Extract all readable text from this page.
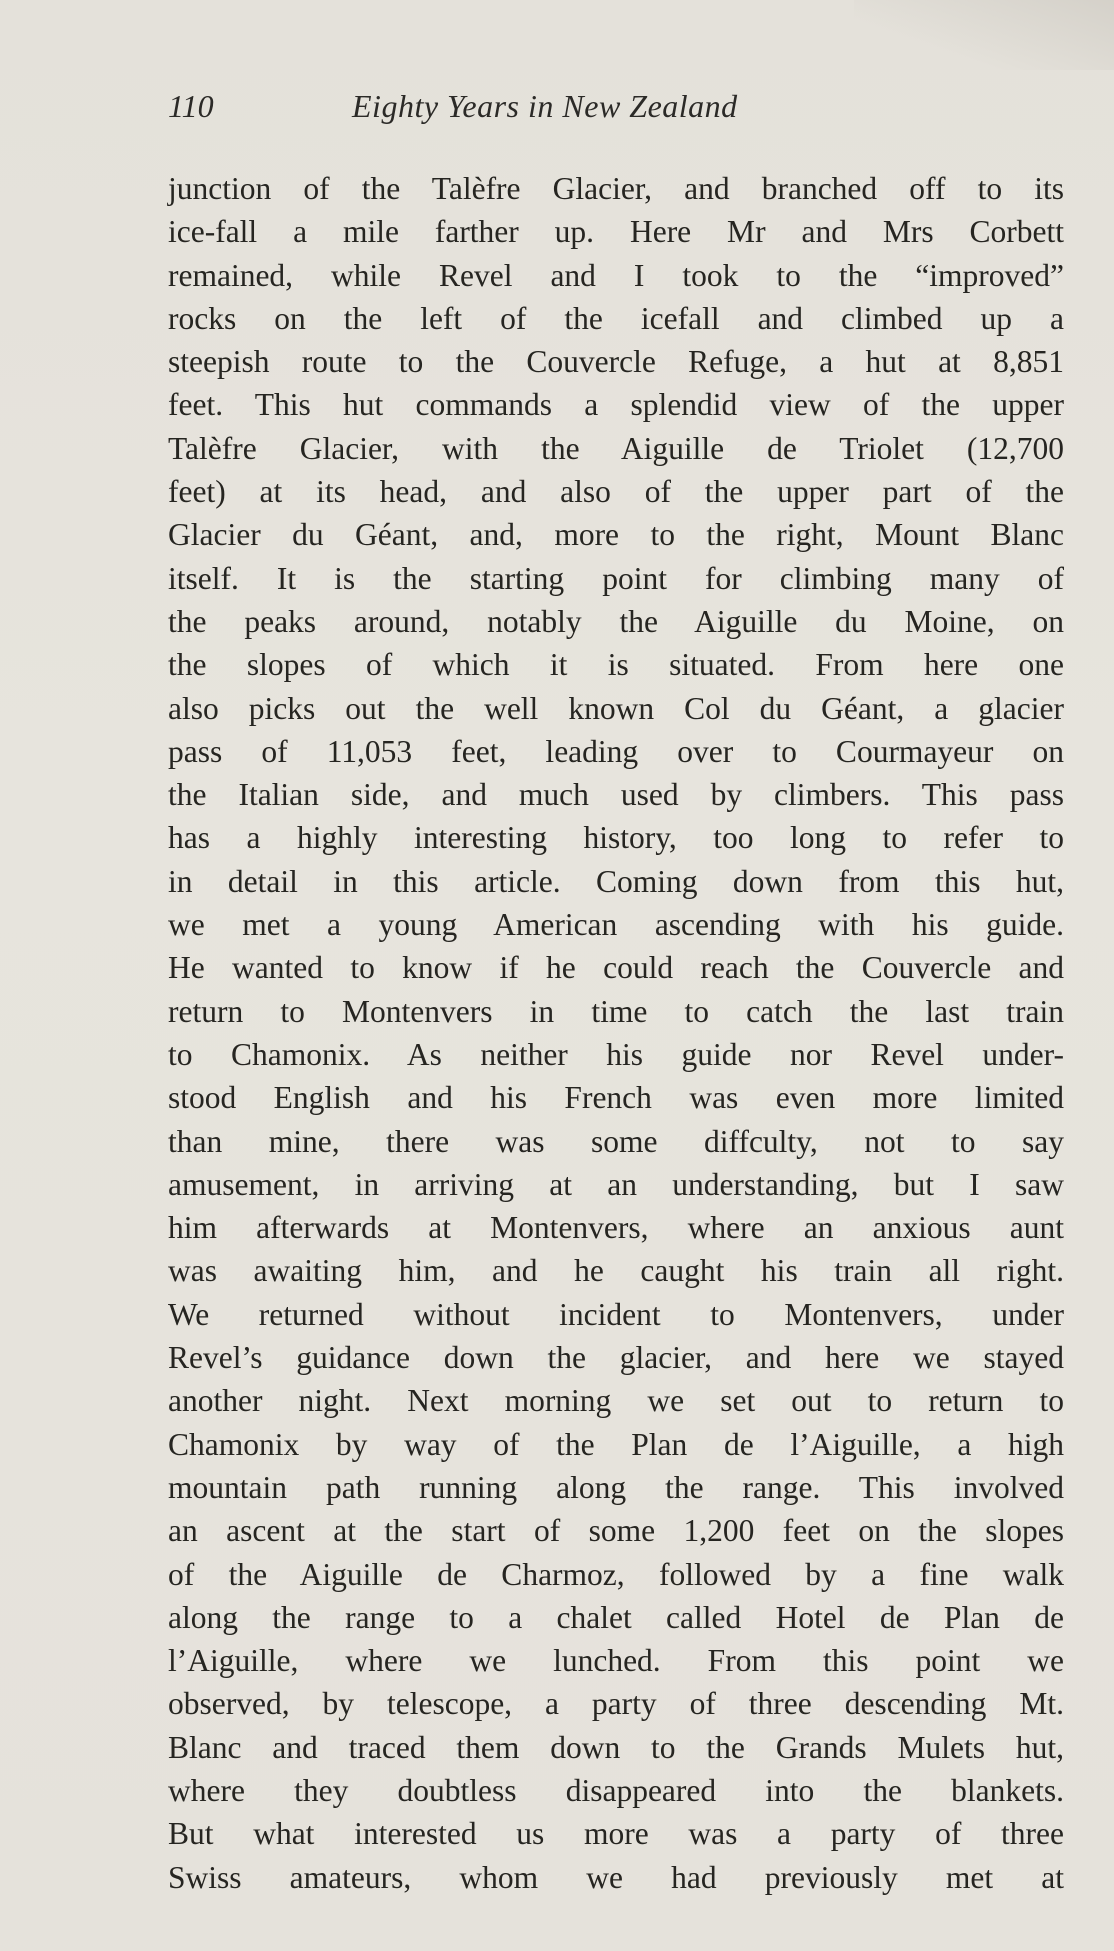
110	Eighty Years in New Zealand
junction of the Talèfre Glacier, and branched off to its
ice-fall a mile farther up. Here Mr and Mrs Corbett
remained, while Revel and I took to the “improved”
rocks on the left of the icefall and climbed up a
steepish route to the Couvercle Refuge, a hut at 8,851
feet. This hut commands a splendid view of the upper
Talèfre Glacier, with the Aiguille de Triolet (12,700
feet) at its head, and also of the upper part of the
Glacier du Géant, and, more to the right, Mount Blanc
itself. It is the starting point for climbing many of
the peaks around, notably the Aiguille du Moine, on
the slopes of which it is situated. From here one
also picks out the well known Col du Géant, a glacier
pass of 11,053 feet, leading over to Courmayeur on
the Italian side, and much used by climbers. This pass
has a highly interesting history, too long to refer to
in detail in this article. Coming down from this hut,
we met a young American ascending with his guide.
He wanted to know if he could reach the Couvercle and
return to Montenvers in time to catch the last train
to Chamonix. As neither his guide nor Revel under-
stood English and his French was even more limited
than mine, there was some diffculty, not to say
amusement, in arriving at an understanding, but I saw
him afterwards at Montenvers, where an anxious aunt
was awaiting him, and he caught his train all right.
We returned without incident to Montenvers, under
Revel’s guidance down the glacier, and here we stayed
another night. Next morning we set out to return to
Chamonix by way of the Plan de l’Aiguille, a high
mountain path running along the range. This involved
an ascent at the start of some 1,200 feet on the slopes
of the Aiguille de Charmoz, followed by a fine walk
along the range to a chalet called Hotel de Plan de
l’Aiguille, where we lunched. From this point we
observed, by telescope, a party of three descending Mt.
Blanc and traced them down to the Grands Mulets hut,
where they doubtless disappeared into the blankets.
But what interested us more was a party of three
Swiss amateurs, whom we had previously met at
